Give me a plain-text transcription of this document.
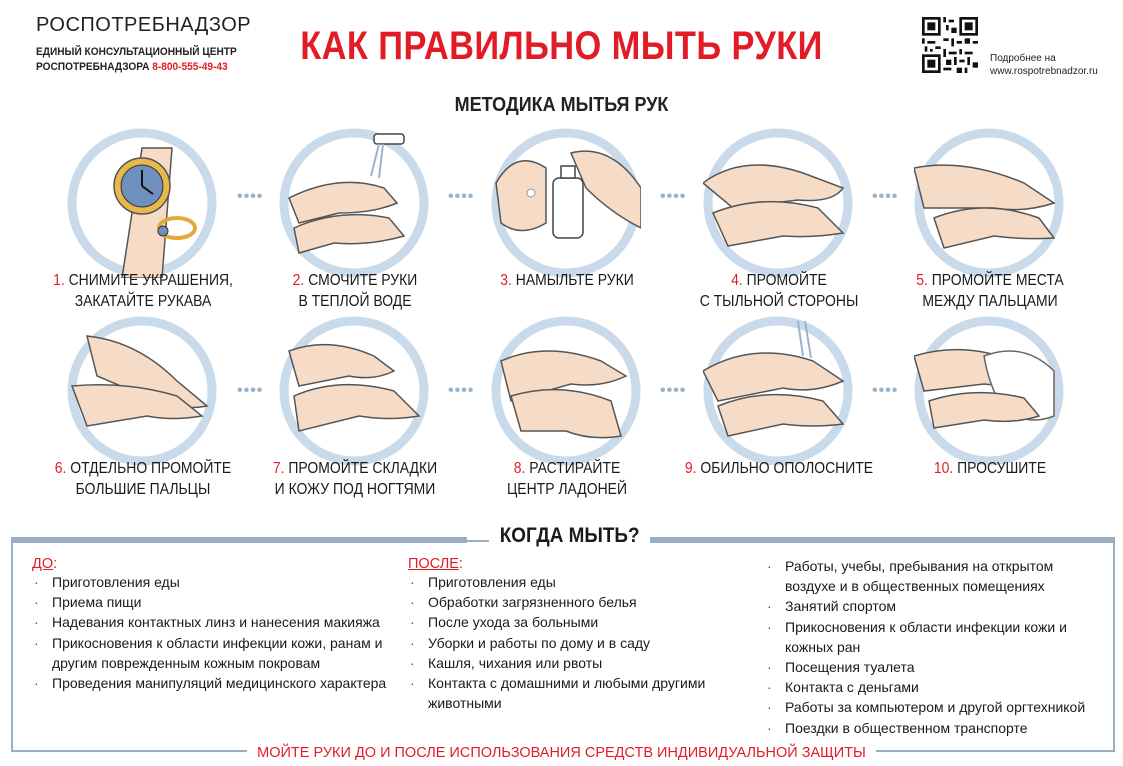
РОСПОТРЕБНАДЗОР
ЕДИНЫЙ КОНСУЛЬТАЦИОННЫЙ ЦЕНТР
РОСПОТРЕБНАДЗОРА 8-800-555-49-43	КАК ПРАВИЛЬНО МЫТЬ РУКИ	Подробнее на
www.rospotrebnadzor.ru
МЕТОДИКА МЫТЬЯ РУК
1. СНИМИТЕ УКРАШЕНИЯ,
ЗАКАТАЙТЕ РУКАВА
••••
2. СМОЧИТЕ РУКИ
В ТЕПЛОЙ ВОДЕ
••••
3. НАМЫЛЬТЕ РУКИ

••••
4. ПРОМОЙТЕ
С ТЫЛЬНОЙ СТОРОНЫ
••••
5. ПРОМОЙТЕ МЕСТА
МЕЖДУ ПАЛЬЦАМИ
6. ОТДЕЛЬНО ПРОМОЙТЕ
БОЛЬШИЕ ПАЛЬЦЫ
••••
7. ПРОМОЙТЕ СКЛАДКИ
И КОЖУ ПОД НОГТЯМИ
••••
8. РАСТИРАЙТЕ
ЦЕНТР ЛАДОНЕЙ
••••
9. ОБИЛЬНО ОПОЛОСНИТЕ

••••
10. ПРОСУШИТЕ

КОГДА МЫТЬ?
ДО:
· Приготовления еды
· Приема пищи
· Надевания контактных линз и нанесения макияжа
· Прикосновения к области инфекции кожи, ранам и другим поврежденным кожным покровам
· Проведения манипуляций медицинского характера
ПОСЛЕ:
· Приготовления еды
· Обработки загрязненного белья
· После ухода за больными
· Уборки и работы по дому и в саду
· Кашля, чихания или рвоты
· Контакта с домашними и любыми другими животными
· Работы, учебы, пребывания на открытом воздухе и в общественных помещениях
· Занятий спортом
· Прикосновения к области инфекции кожи и кожных ран
· Посещения туалета
· Контакта с деньгами
· Работы за компьютером и другой оргтехникой
· Поездки в общественном транспорте
МОЙТЕ РУКИ ДО И ПОСЛЕ ИСПОЛЬЗОВАНИЯ СРЕДСТВ ИНДИВИДУАЛЬНОЙ ЗАЩИТЫ
